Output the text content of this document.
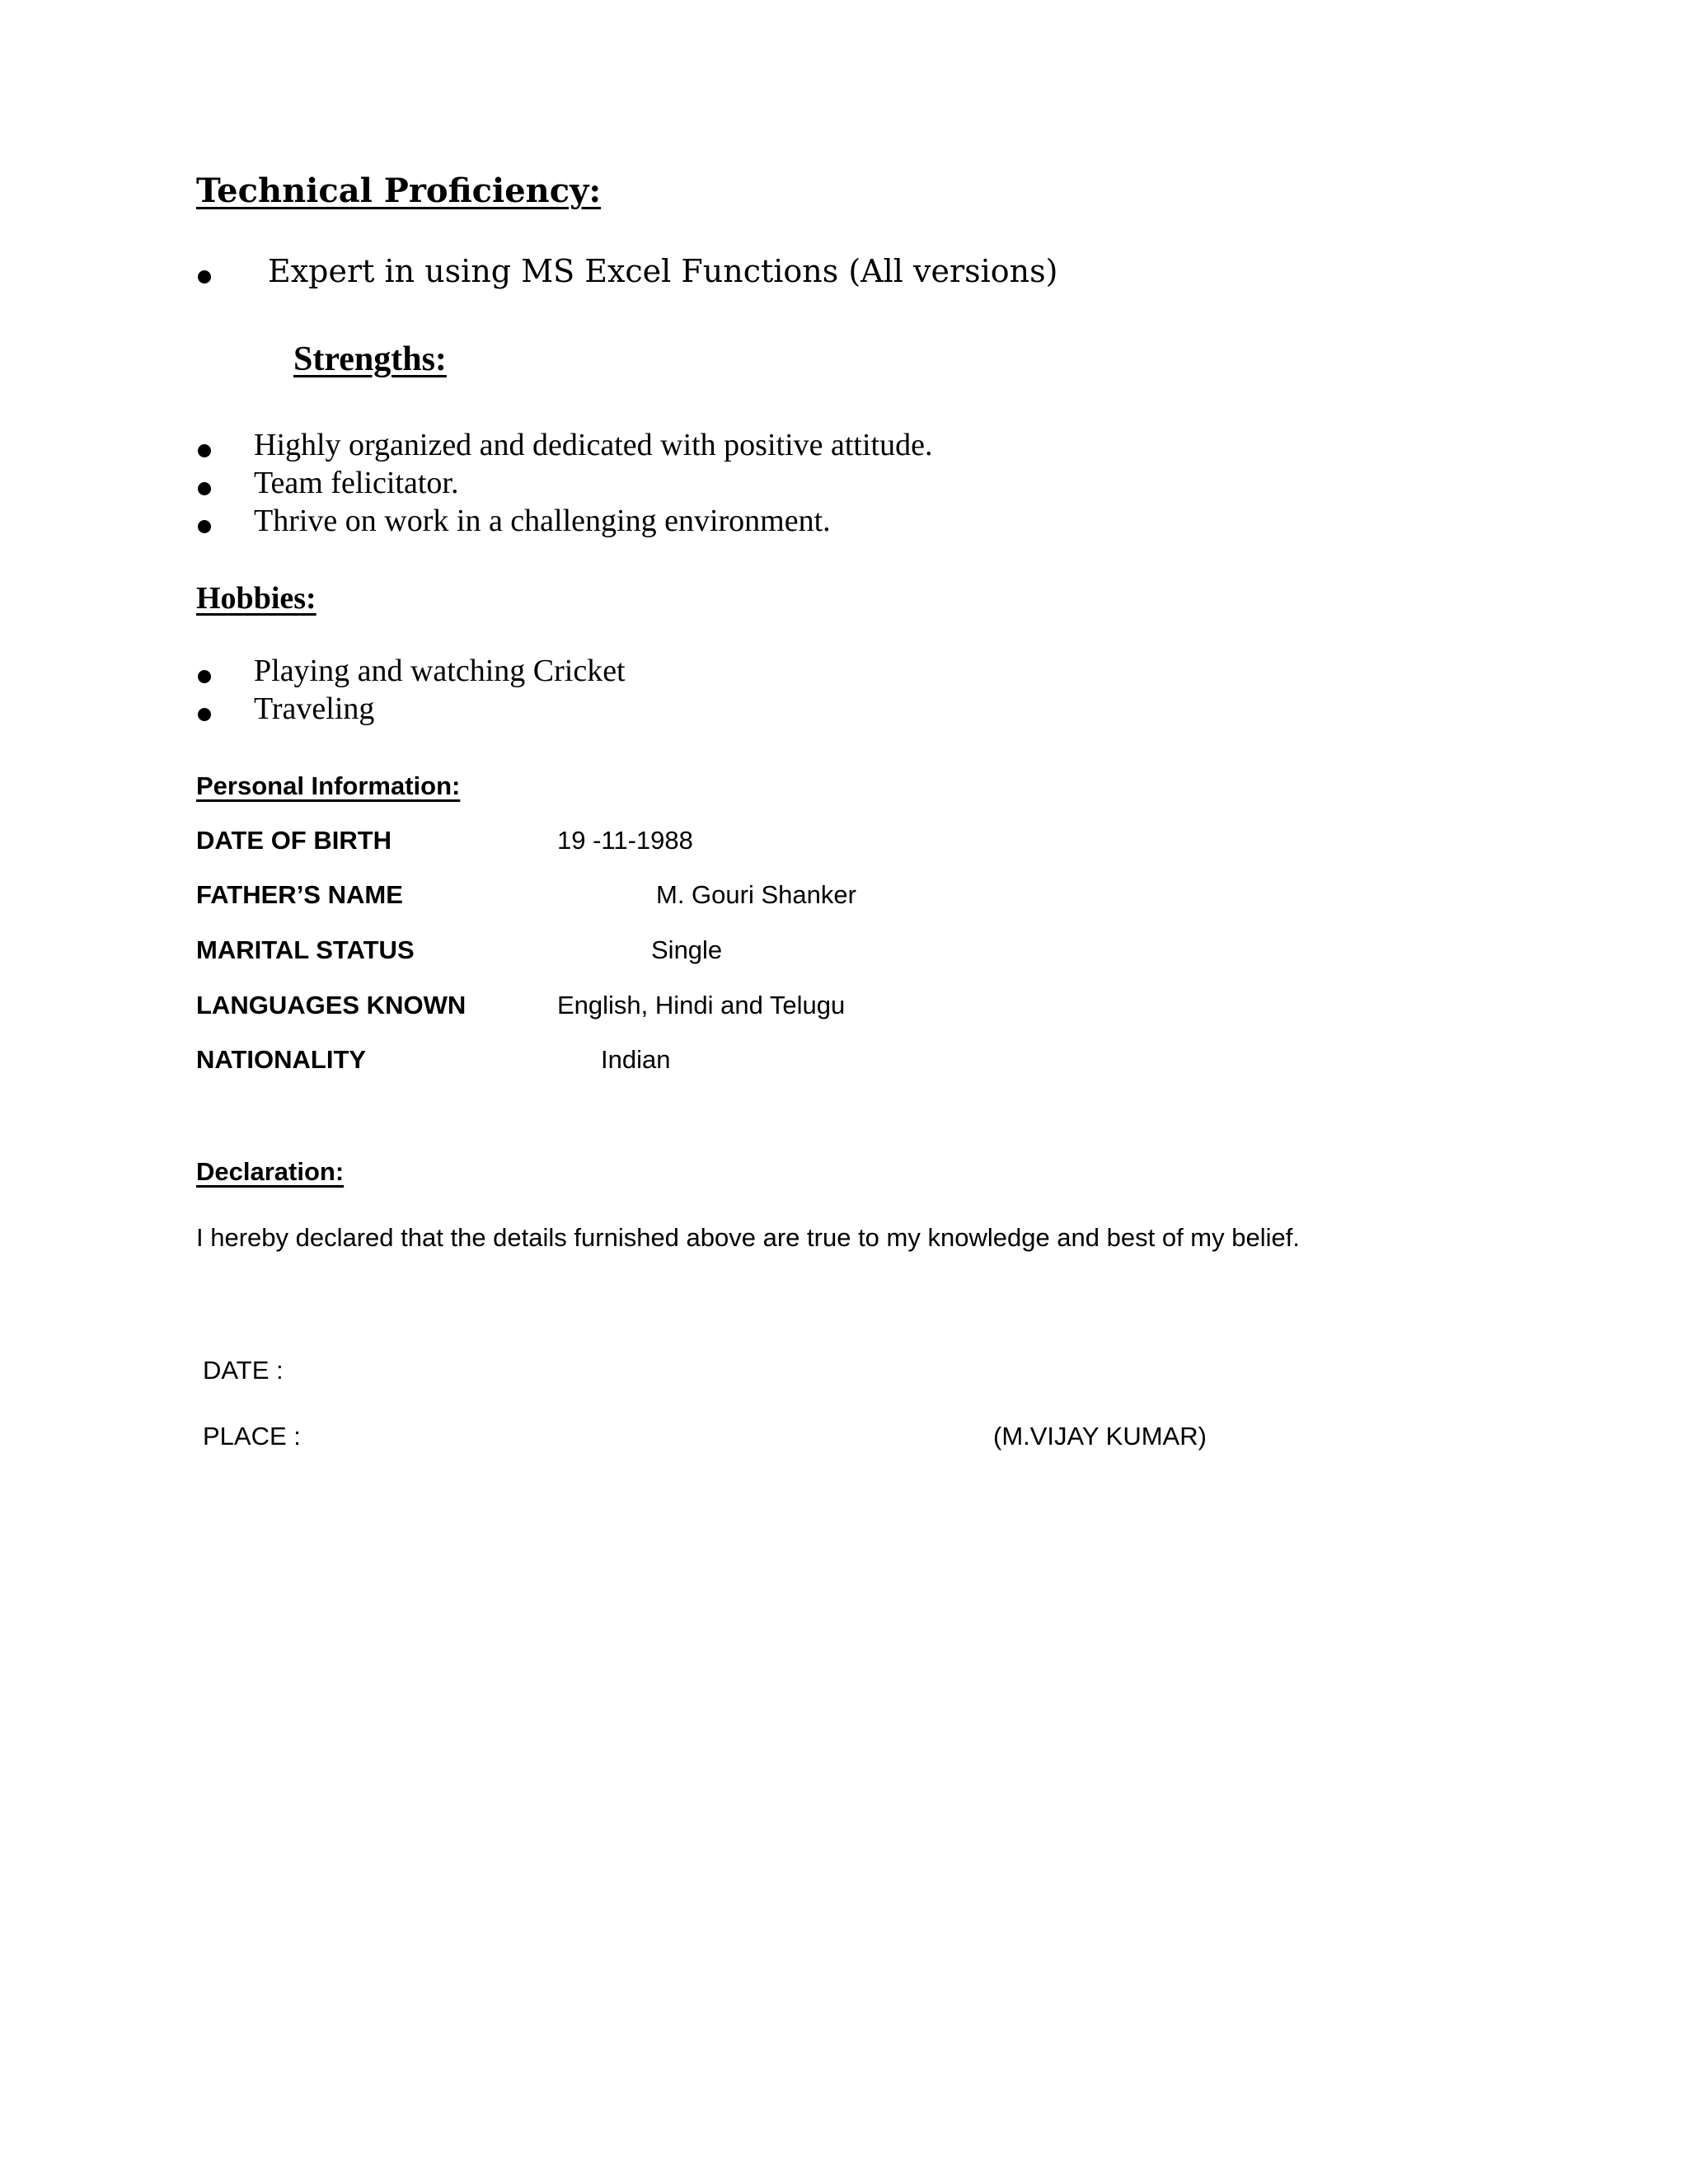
Technical Proficiency:
Expert in using MS Excel Functions (All versions)
Strengths:
Highly organized and dedicated with positive attitude.
Team felicitator.
Thrive on work in a challenging environment.
Hobbies:
Playing and watching Cricket
Traveling
Personal Information:
DATE OF BIRTH	19 -11-1988
FATHER’S NAME	M. Gouri Shanker
MARITAL STATUS	Single
LANGUAGES KNOWN	English, Hindi and Telugu
NATIONALITY	Indian
Declaration:
I hereby declared that the details furnished above are true to my knowledge and best of my belief.
DATE :
PLACE :	(M.VIJAY KUMAR)
